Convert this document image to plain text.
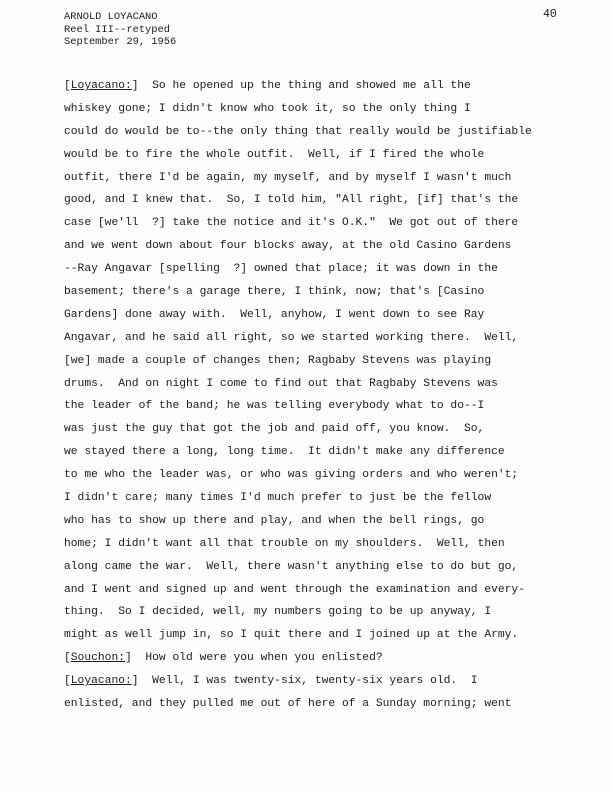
ARNOLD LOYACANO
Reel III--retyped
September 29, 1956
40
[Loyacano:]  So he opened up the thing and showed me all the
whiskey gone; I didn't know who took it, so the only thing I
could do would be to--the only thing that really would be justifiable
would be to fire the whole outfit.  Well, if I fired the whole
outfit, there I'd be again, my myself, and by myself I wasn't much
good, and I knew that.  So, I told him, "All right, [if] that's the
case [we'll  ?] take the notice and it's O.K."  We got out of there
and we went down about four blocks away, at the old Casino Gardens
--Ray Angavar [spelling  ?] owned that place; it was down in the
basement; there's a garage there, I think, now; that's [Casino
Gardens] done away with.  Well, anyhow, I went down to see Ray
Angavar, and he said all right, so we started working there.  Well,
[we] made a couple of changes then; Ragbaby Stevens was playing
drums.  And on night I come to find out that Ragbaby Stevens was
the leader of the band; he was telling everybody what to do--I
was just the guy that got the job and paid off, you know.  So,
we stayed there a long, long time.  It didn't make any difference
to me who the leader was, or who was giving orders and who weren't;
I didn't care; many times I'd much prefer to just be the fellow
who has to show up there and play, and when the bell rings, go
home; I didn't want all that trouble on my shoulders.  Well, then
along came the war.  Well, there wasn't anything else to do but go,
and I went and signed up and went through the examination and every-
thing.  So I decided, well, my numbers going to be up anyway, I
might as well jump in, so I quit there and I joined up at the Army.
[Souchon:]  How old were you when you enlisted?
[Loyacano:]  Well, I was twenty-six, twenty-six years old.  I
enlisted, and they pulled me out of here of a Sunday morning; went
